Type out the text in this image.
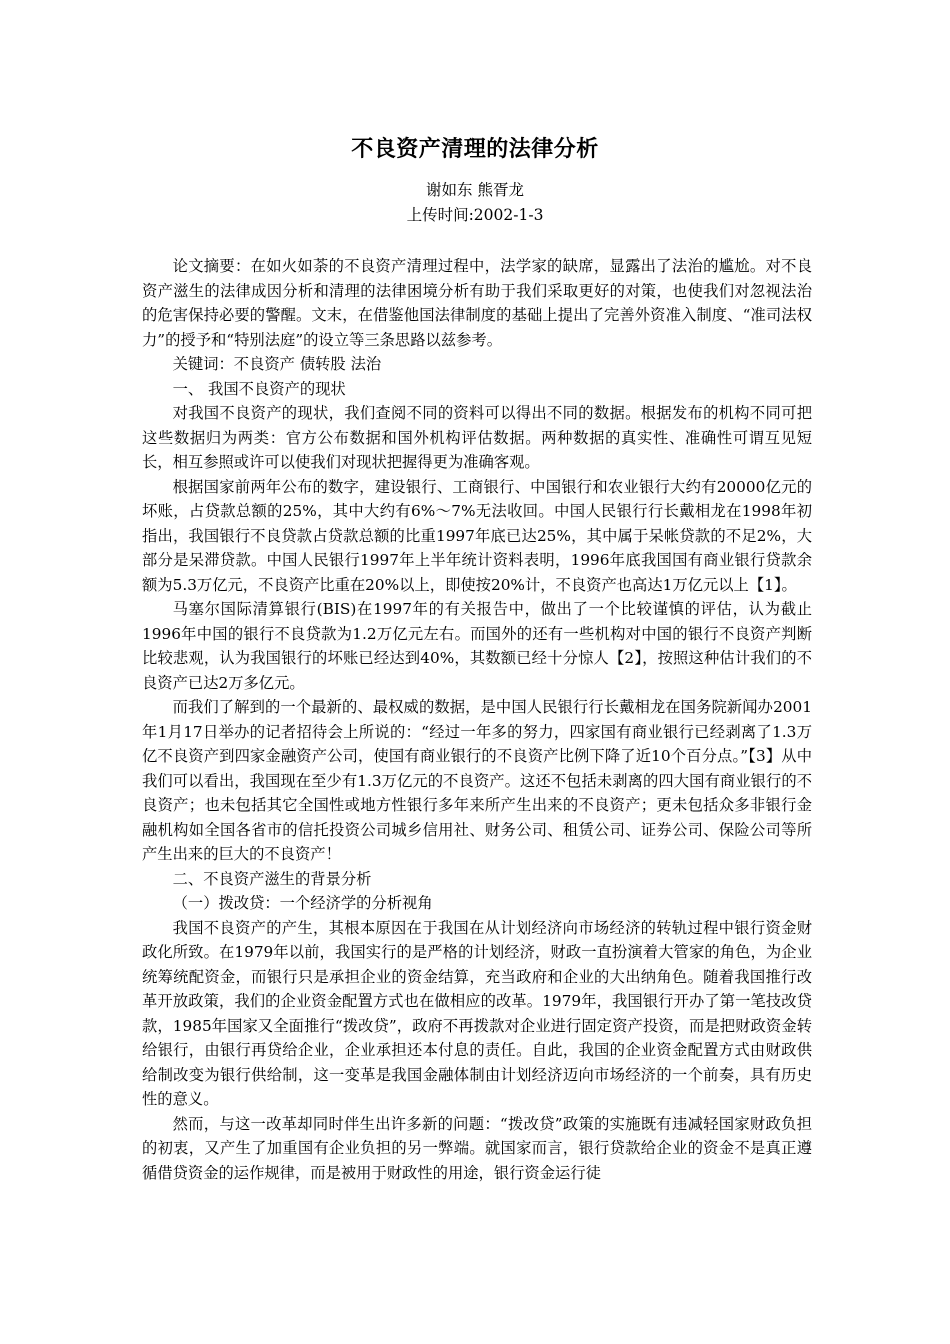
不良资产清理的法律分析
谢如东 熊胥龙
上传时间:2002-1-3

论文摘要：在如火如荼的不良资产清理过程中，法学家的缺席，显露出了法治的尴尬。对不良资产滋生的法律成因分析和清理的法律困境分析有助于我们采取更好的对策，也使我们对忽视法治的危害保持必要的警醒。文末，在借鉴他国法律制度的基础上提出了完善外资准入制度、“准司法权力”的授予和“特别法庭”的设立等三条思路以兹参考。

关键词：不良资产 债转股 法治

一、 我国不良资产的现状

对我国不良资产的现状，我们查阅不同的资料可以得出不同的数据。根据发布的机构不同可把这些数据归为两类：官方公布数据和国外机构评估数据。两种数据的真实性、准确性可谓互见短长，相互参照或许可以使我们对现状把握得更为准确客观。

根据国家前两年公布的数字，建设银行、工商银行、中国银行和农业银行大约有20000亿元的坏账，占贷款总额的25%，其中大约有6%～7%无法收回。中国人民银行行长戴相龙在1998年初指出，我国银行不良贷款占贷款总额的比重1997年底已达25%，其中属于呆帐贷款的不足2%，大部分是呆滞贷款。中国人民银行1997年上半年统计资料表明，1996年底我国国有商业银行贷款余额为5.3万亿元，不良资产比重在20%以上，即使按20%计，不良资产也高达1万亿元以上【1】。

马塞尔国际清算银行(BIS)在1997年的有关报告中，做出了一个比较谨慎的评估，认为截止1996年中国的银行不良贷款为1.2万亿元左右。而国外的还有一些机构对中国的银行不良资产判断比较悲观，认为我国银行的坏账已经达到40%，其数额已经十分惊人【2】，按照这种估计我们的不良资产已达2万多亿元。

而我们了解到的一个最新的、最权威的数据，是中国人民银行行长戴相龙在国务院新闻办2001年1月17日举办的记者招待会上所说的：“经过一年多的努力，四家国有商业银行已经剥离了1.3万亿不良资产到四家金融资产公司，使国有商业银行的不良资产比例下降了近10个百分点。”【3】从中我们可以看出，我国现在至少有1.3万亿元的不良资产。这还不包括未剥离的四大国有商业银行的不良资产；也未包括其它全国性或地方性银行多年来所产生出来的不良资产；更未包括众多非银行金融机构如全国各省市的信托投资公司城乡信用社、财务公司、租赁公司、证券公司、保险公司等所产生出来的巨大的不良资产！

二、不良资产滋生的背景分析

（一）拨改贷：一个经济学的分析视角

我国不良资产的产生，其根本原因在于我国在从计划经济向市场经济的转轨过程中银行资金财政化所致。在1979年以前，我国实行的是严格的计划经济，财政一直扮演着大管家的角色，为企业统筹统配资金，而银行只是承担企业的资金结算，充当政府和企业的大出纳角色。随着我国推行改革开放政策，我们的企业资金配置方式也在做相应的改革。1979年，我国银行开办了第一笔技改贷款，1985年国家又全面推行“拨改贷”，政府不再拨款对企业进行固定资产投资，而是把财政资金转给银行，由银行再贷给企业，企业承担还本付息的责任。自此，我国的企业资金配置方式由财政供给制改变为银行供给制，这一变革是我国金融体制由计划经济迈向市场经济的一个前奏，具有历史性的意义。

然而，与这一改革却同时伴生出许多新的问题：“拨改贷”政策的实施既有违减轻国家财政负担的初衷，又产生了加重国有企业负担的另一弊端。就国家而言，银行贷款给企业的资金不是真正遵循借贷资金的运作规律，而是被用于财政性的用途，银行资金运行徒
